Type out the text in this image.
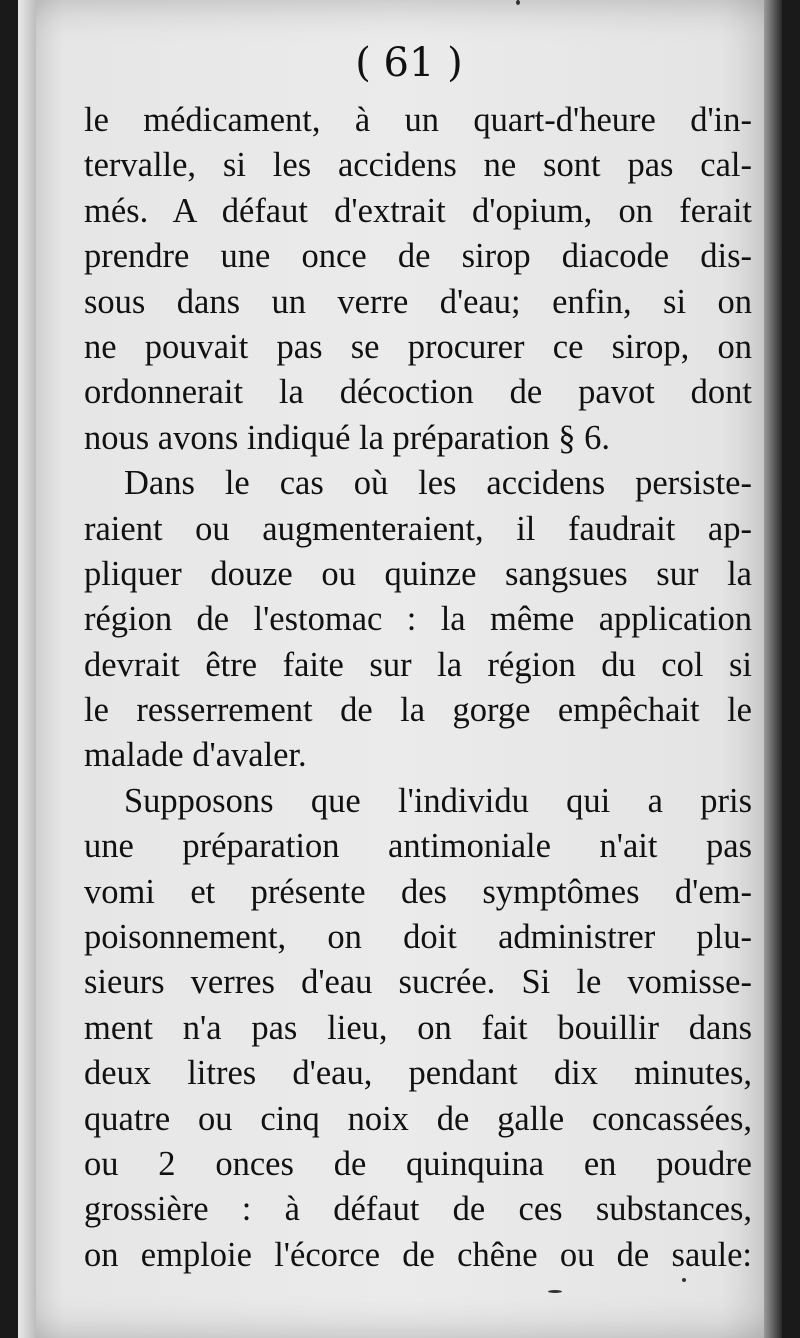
( 61 )
le médicament, à un quart-d'heure d'in-
tervalle, si les accidens ne sont pas cal-
més. A défaut d'extrait d'opium, on ferait
prendre une once de sirop diacode dis-
sous dans un verre d'eau; enfin, si on
ne pouvait pas se procurer ce sirop, on
ordonnerait la décoction de pavot dont
nous avons indiqué la préparation § 6.
Dans le cas où les accidens persiste-
raient ou augmenteraient, il faudrait ap-
pliquer douze ou quinze sangsues sur la
région de l'estomac : la même application
devrait être faite sur la région du col si
le resserrement de la gorge empêchait le
malade d'avaler.
Supposons que l'individu qui a pris
une préparation antimoniale n'ait pas
vomi et présente des symptômes d'em-
poisonnement, on doit administrer plu-
sieurs verres d'eau sucrée. Si le vomisse-
ment n'a pas lieu, on fait bouillir dans
deux litres d'eau, pendant dix minutes,
quatre ou cinq noix de galle concassées,
ou 2 onces de quinquina en poudre
grossière : à défaut de ces substances,
on emploie l'écorce de chêne ou de saule:
